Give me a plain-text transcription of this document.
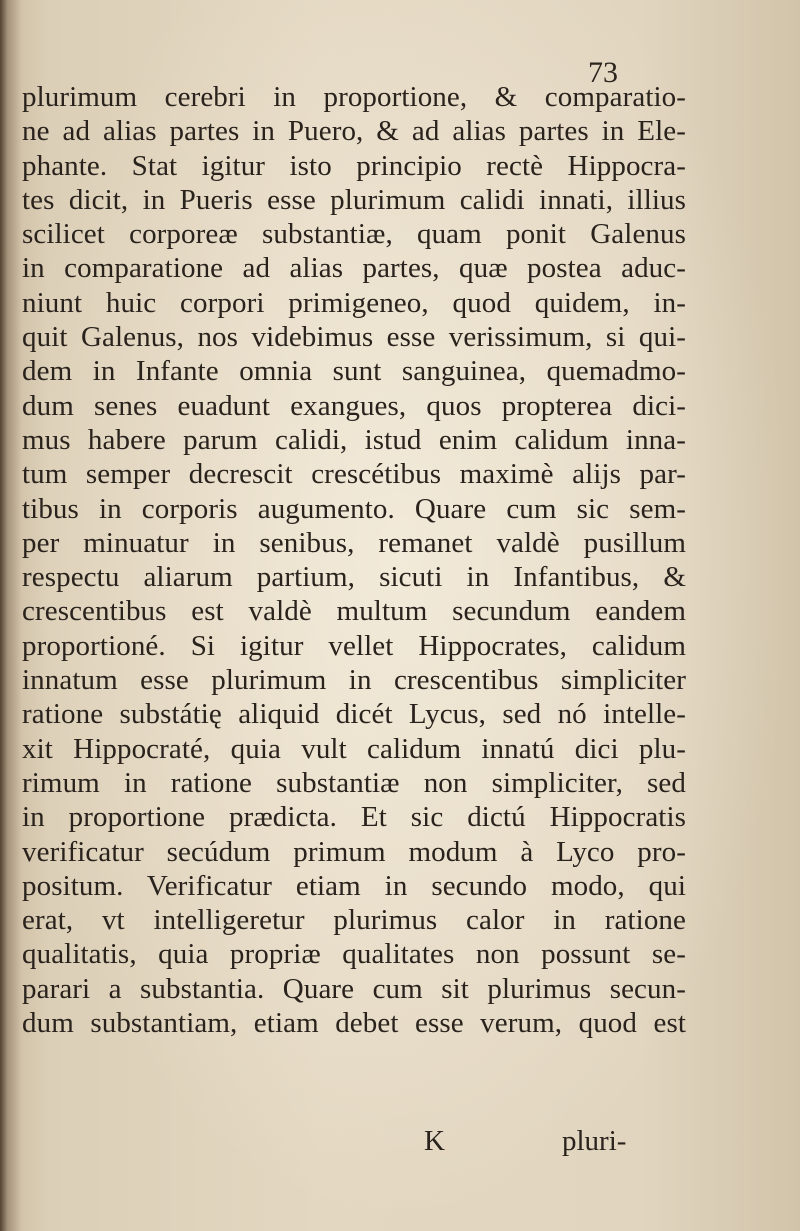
73
plurimum cerebri in proportione, & comparatio-
ne ad alias partes in Puero, & ad alias partes in Ele-
phante. Stat igitur isto principio rectè Hippocra-
tes dicit, in Pueris esse plurimum calidi innati, illius
scilicet corporeæ substantiæ, quam ponit Galenus
in comparatione ad alias partes, quæ postea aduc-
niunt huic corpori primigeneo, quod quidem, in-
quit Galenus, nos videbimus esse verissimum, si qui-
dem in Infante omnia sunt sanguinea, quemadmo-
dum senes euadunt exangues, quos propterea dici-
mus habere parum calidi, istud enim calidum inna-
tum semper decrescit crescétibus maximè alijs par-
tibus in corporis augumento. Quare cum sic sem-
per minuatur in senibus, remanet valdè pusillum
respectu aliarum partium, sicuti in Infantibus, &
crescentibus est valdè multum secundum eandem
proportioné. Si igitur vellet Hippocrates, calidum
innatum esse plurimum in crescentibus simpliciter
ratione substátię aliquid dicét Lycus, sed nó intelle-
xit Hippocraté, quia vult calidum innatú dici plu-
rimum in ratione substantiæ non simpliciter, sed
in proportione prædicta. Et sic dictú Hippocratis
verificatur secúdum primum modum à Lyco pro-
positum. Verificatur etiam in secundo modo, qui
erat, vt intelligeretur plurimus calor in ratione
qualitatis, quia propriæ qualitates non possunt se-
parari a substantia. Quare cum sit plurimus secun-
dum substantiam, etiam debet esse verum, quod est
K	pluri-
